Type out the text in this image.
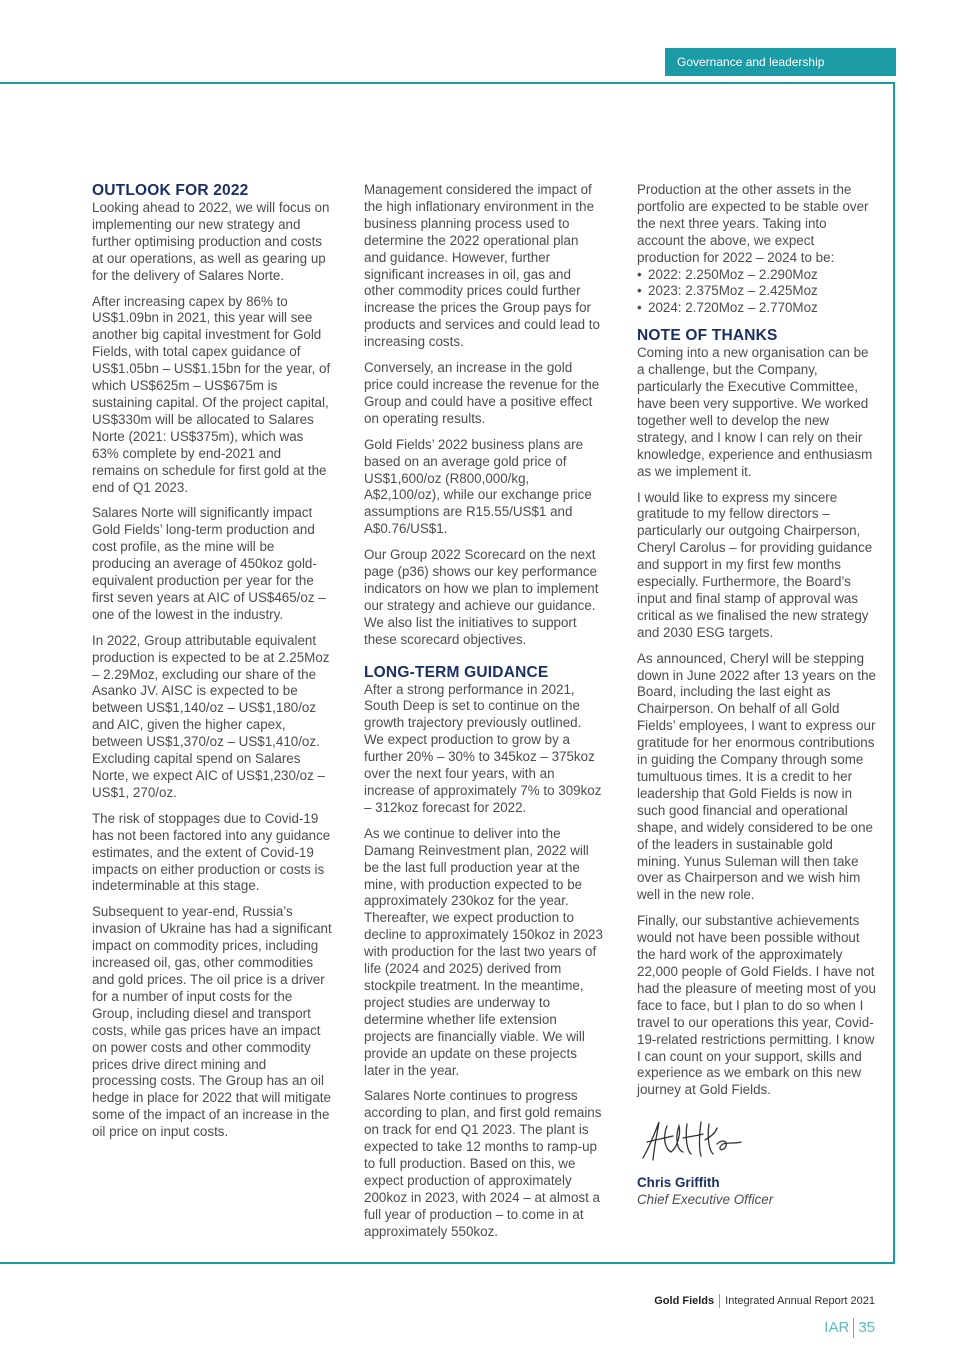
Governance and leadership
OUTLOOK FOR 2022

Looking ahead to 2022, we will focus on implementing our new strategy and further optimising production and costs at our operations, as well as gearing up for the delivery of Salares Norte.

After increasing capex by 86% to US$1.09bn in 2021, this year will see another big capital investment for Gold Fields, with total capex guidance of US$1.05bn – US$1.15bn for the year, of which US$625m – US$675m is sustaining capital. Of the project capital, US$330m will be allocated to Salares Norte (2021: US$375m), which was 63% complete by end-2021 and remains on schedule for first gold at the end of Q1 2023.

Salares Norte will significantly impact Gold Fields’ long-term production and cost profile, as the mine will be producing an average of 450koz gold-equivalent production per year for the first seven years at AIC of US$465/oz – one of the lowest in the industry.

In 2022, Group attributable equivalent production is expected to be at 2.25Moz – 2.29Moz, excluding our share of the Asanko JV. AISC is expected to be between US$1,140/oz – US$1,180/oz and AIC, given the higher capex, between US$1,370/oz – US$1,410/oz. Excluding capital spend on Salares Norte, we expect AIC of US$1,230/oz – US$1, 270/oz.

The risk of stoppages due to Covid-19 has not been factored into any guidance estimates, and the extent of Covid-19 impacts on either production or costs is indeterminable at this stage.

Subsequent to year-end, Russia’s invasion of Ukraine has had a significant impact on commodity prices, including increased oil, gas, other commodities and gold prices. The oil price is a driver for a number of input costs for the Group, including diesel and transport costs, while gas prices have an impact on power costs and other commodity prices drive direct mining and processing costs. The Group has an oil hedge in place for 2022 that will mitigate some of the impact of an increase in the oil price on input costs.

Management considered the impact of the high inflationary environment in the business planning process used to determine the 2022 operational plan and guidance. However, further significant increases in oil, gas and other commodity prices could further increase the prices the Group pays for products and services and could lead to increasing costs.

Conversely, an increase in the gold price could increase the revenue for the Group and could have a positive effect on operating results.

Gold Fields’ 2022 business plans are based on an average gold price of US$1,600/oz (R800,000/kg, A$2,100/oz), while our exchange price assumptions are R15.55/US$1 and A$0.76/US$1.

Our Group 2022 Scorecard on the next page (p36) shows our key performance indicators on how we plan to implement our strategy and achieve our guidance. We also list the initiatives to support these scorecard objectives.

LONG-TERM GUIDANCE

After a strong performance in 2021, South Deep is set to continue on the growth trajectory previously outlined. We expect production to grow by a further 20% – 30% to 345koz – 375koz over the next four years, with an increase of approximately 7% to 309koz – 312koz forecast for 2022.

As we continue to deliver into the Damang Reinvestment plan, 2022 will be the last full production year at the mine, with production expected to be approximately 230koz for the year. Thereafter, we expect production to decline to approximately 150koz in 2023 with production for the last two years of life (2024 and 2025) derived from stockpile treatment. In the meantime, project studies are underway to determine whether life extension projects are financially viable. We will provide an update on these projects later in the year.

Salares Norte continues to progress according to plan, and first gold remains on track for end Q1 2023. The plant is expected to take 12 months to ramp-up to full production. Based on this, we expect production of approximately 200koz in 2023, with 2024 – at almost a full year of production – to come in at approximately 550koz.

Production at the other assets in the portfolio are expected to be stable over the next three years. Taking into account the above, we expect production for 2022 – 2024 to be:

• 2022: 2.250Moz – 2.290Moz
• 2023: 2.375Moz – 2.425Moz
• 2024: 2.720Moz – 2.770Moz
NOTE OF THANKS

Coming into a new organisation can be a challenge, but the Company, particularly the Executive Committee, have been very supportive. We worked together well to develop the new strategy, and I know I can rely on their knowledge, experience and enthusiasm as we implement it.

I would like to express my sincere gratitude to my fellow directors – particularly our outgoing Chairperson, Cheryl Carolus – for providing guidance and support in my first few months especially. Furthermore, the Board’s input and final stamp of approval was critical as we finalised the new strategy and 2030 ESG targets.

As announced, Cheryl will be stepping down in June 2022 after 13 years on the Board, including the last eight as Chairperson. On behalf of all Gold Fields’ employees, I want to express our gratitude for her enormous contributions in guiding the Company through some tumultuous times. It is a credit to her leadership that Gold Fields is now in such good financial and operational shape, and widely considered to be one of the leaders in sustainable gold mining. Yunus Suleman will then take over as Chairperson and we wish him well in the new role.

Finally, our substantive achievements would not have been possible without the hard work of the approximately 22,000 people of Gold Fields. I have not had the pleasure of meeting most of you face to face, but I plan to do so when I travel to our operations this year, Covid-19-related restrictions permitting. I know I can count on your support, skills and experience as we embark on this new journey at Gold Fields.

Chris Griffith
Chief Executive Officer
Gold Fields Integrated Annual Report 2021
IAR 35
